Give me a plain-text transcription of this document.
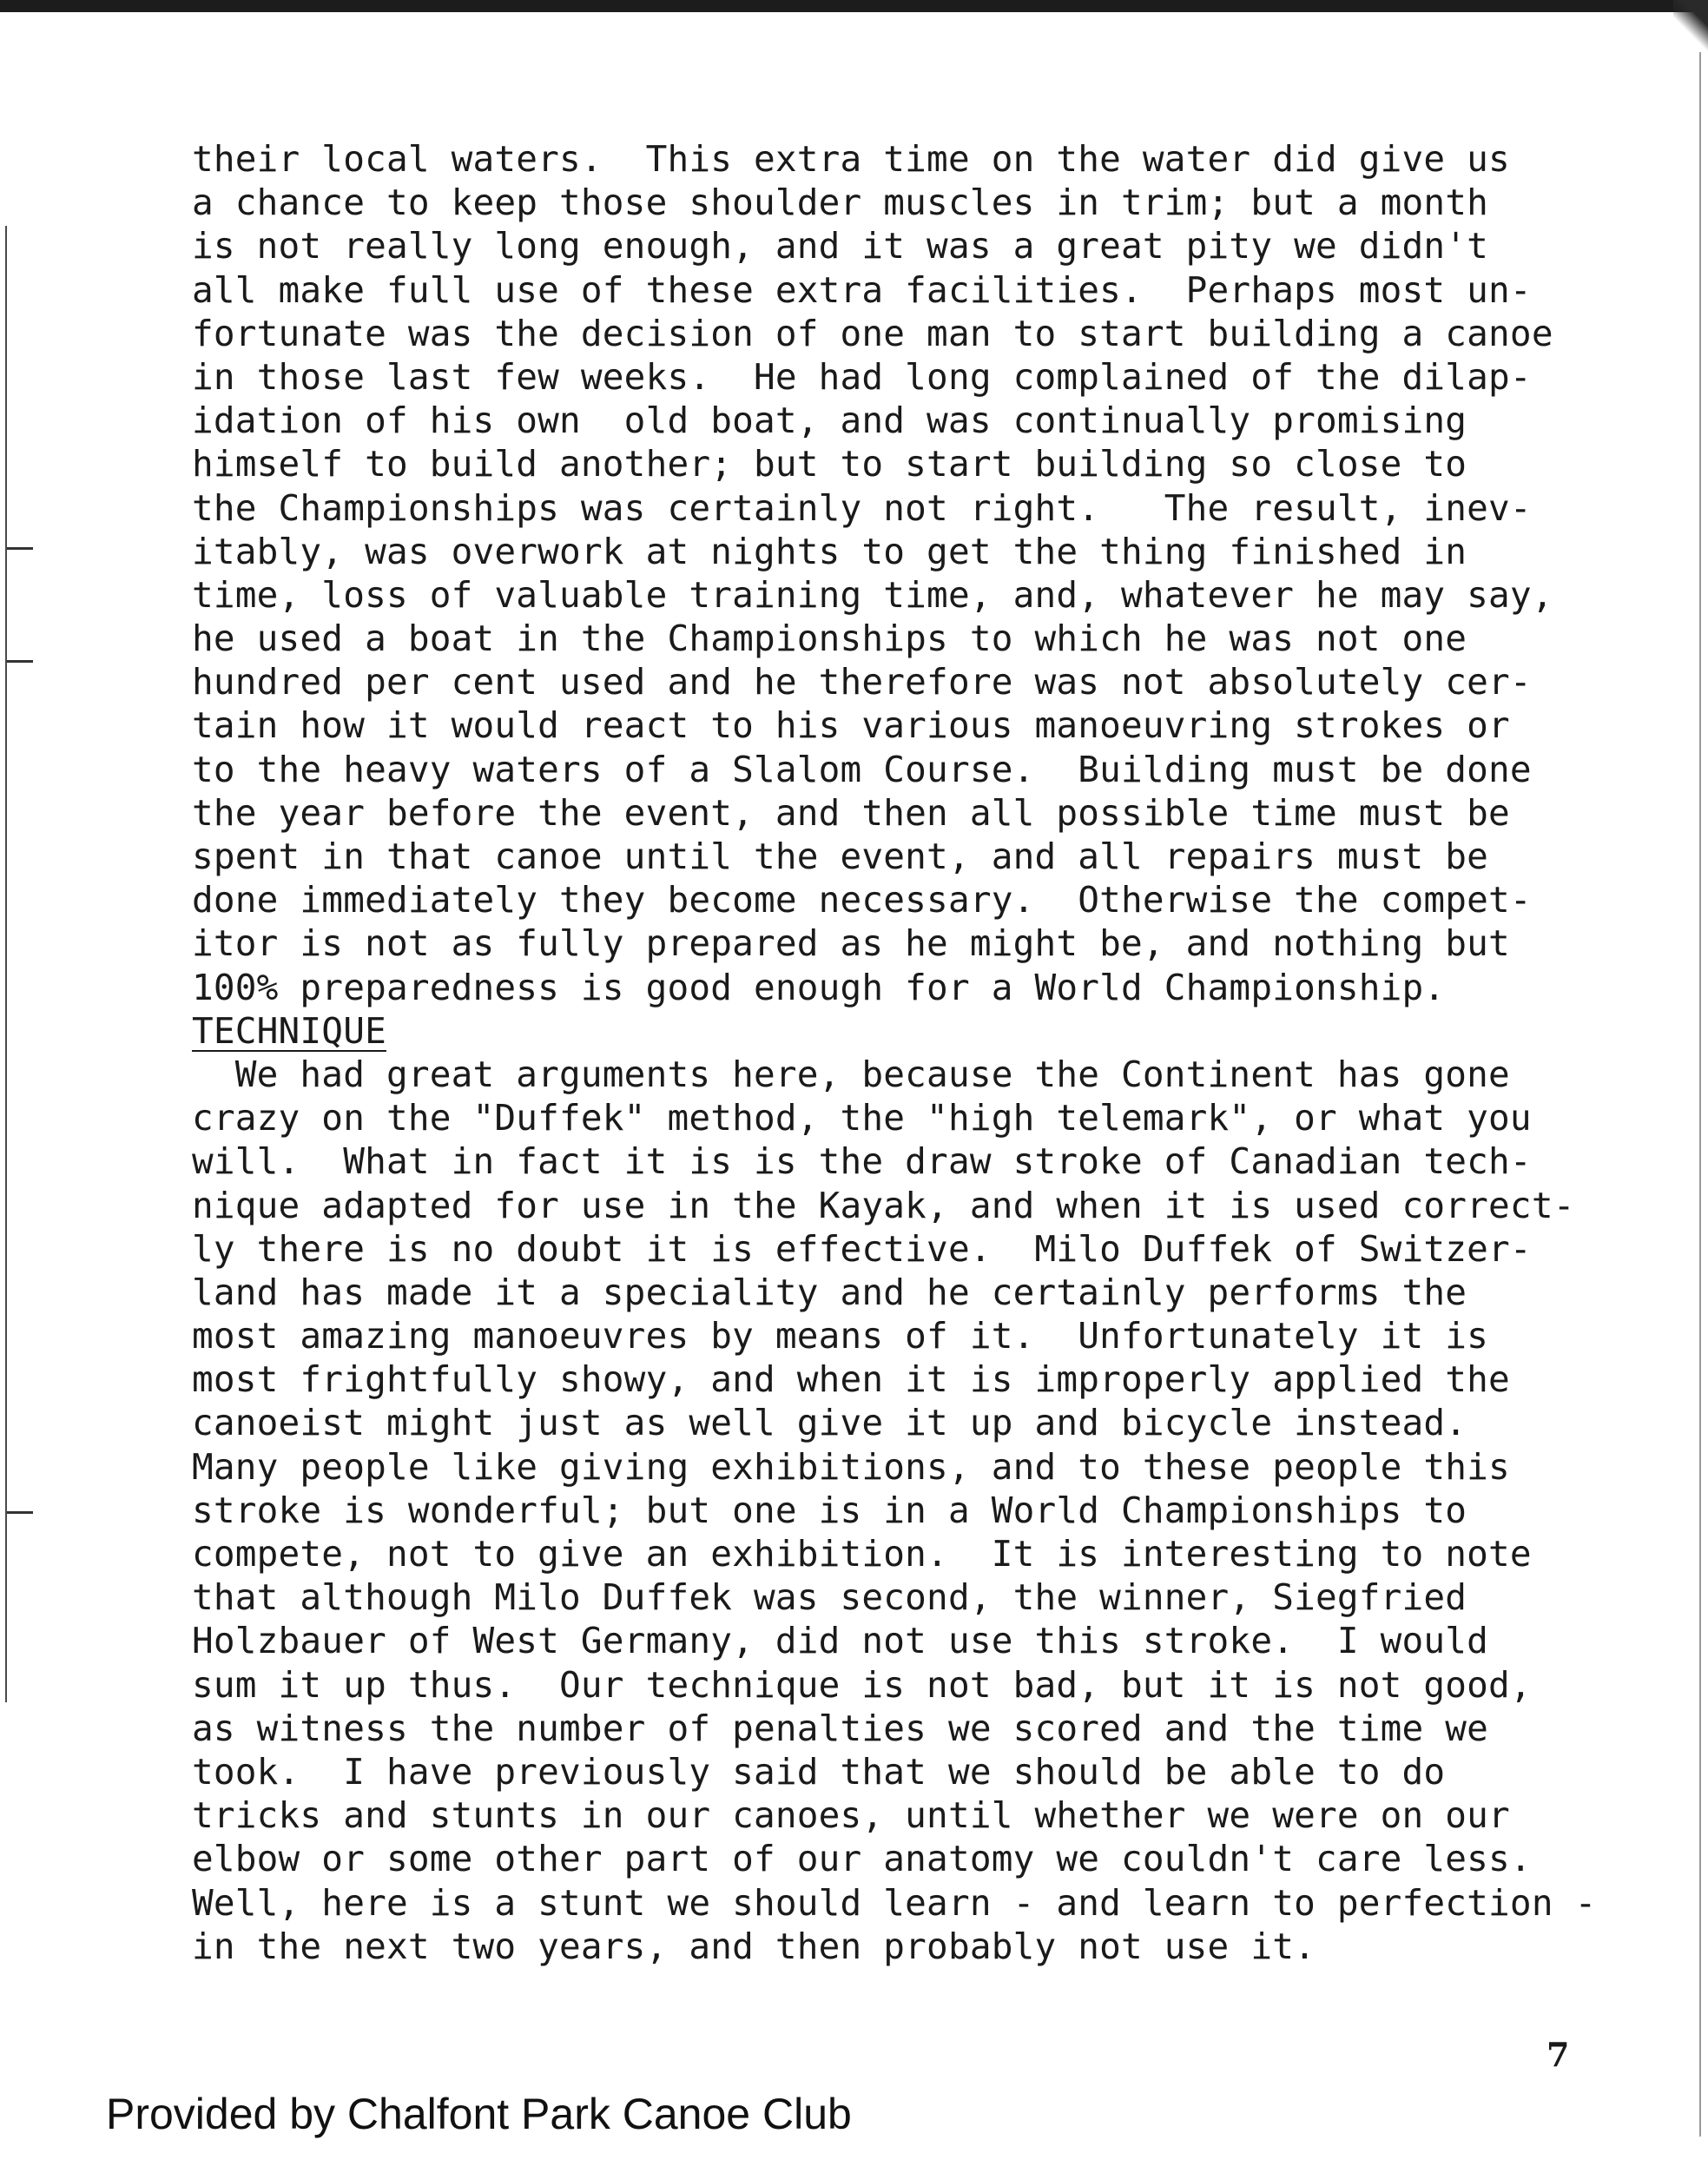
their local waters.  This extra time on the water did give us
a chance to keep those shoulder muscles in trim; but a month
is not really long enough, and it was a great pity we didn't
all make full use of these extra facilities.  Perhaps most un-
fortunate was the decision of one man to start building a canoe
in those last few weeks.  He had long complained of the dilap-
idation of his own  old boat, and was continually promising
himself to build another; but to start building so close to
the Championships was certainly not right.   The result, inev-
itably, was overwork at nights to get the thing finished in
time, loss of valuable training time, and, whatever he may say,
he used a boat in the Championships to which he was not one
hundred per cent used and he therefore was not absolutely cer-
tain how it would react to his various manoeuvring strokes or
to the heavy waters of a Slalom Course.  Building must be done
the year before the event, and then all possible time must be
spent in that canoe until the event, and all repairs must be
done immediately they become necessary.  Otherwise the compet-
itor is not as fully prepared as he might be, and nothing but
100% preparedness is good enough for a World Championship.
TECHNIQUE
We had great arguments here, because the Continent has gone
crazy on the "Duffek" method, the "high telemark", or what you
will.  What in fact it is is the draw stroke of Canadian tech-
nique adapted for use in the Kayak, and when it is used correct-
ly there is no doubt it is effective.  Milo Duffek of Switzer-
land has made it a speciality and he certainly performs the
most amazing manoeuvres by means of it.  Unfortunately it is
most frightfully showy, and when it is improperly applied the
canoeist might just as well give it up and bicycle instead.
Many people like giving exhibitions, and to these people this
stroke is wonderful; but one is in a World Championships to
compete, not to give an exhibition.  It is interesting to note
that although Milo Duffek was second, the winner, Siegfried
Holzbauer of West Germany, did not use this stroke.  I would
sum it up thus.  Our technique is not bad, but it is not good,
as witness the number of penalties we scored and the time we
took.  I have previously said that we should be able to do
tricks and stunts in our canoes, until whether we were on our
elbow or some other part of our anatomy we couldn't care less.
Well, here is a stunt we should learn - and learn to perfection -
in the next two years, and then probably not use it.
7
Provided by Chalfont Park Canoe Club
